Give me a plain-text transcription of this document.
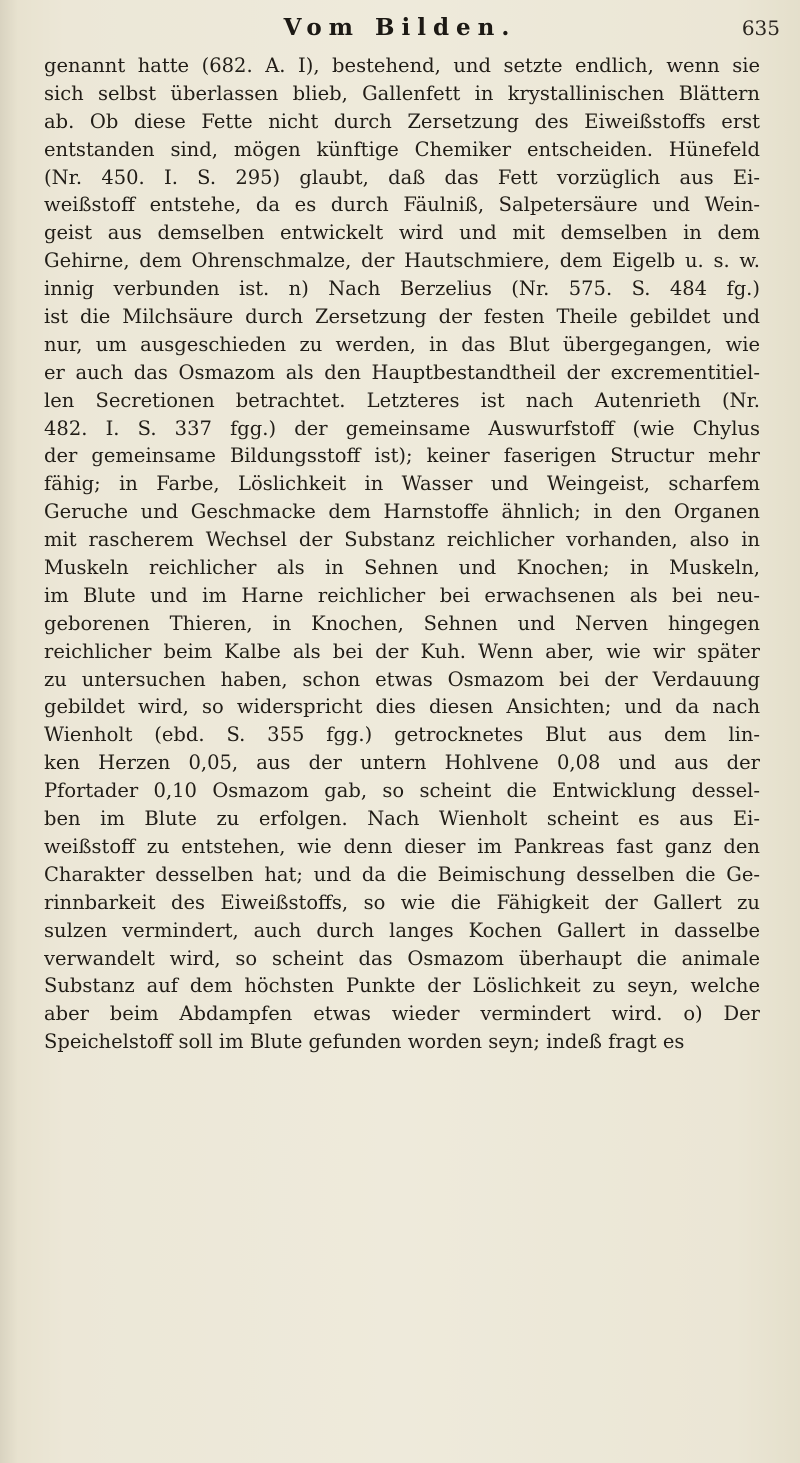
Vom Bilden.	635
genannt hatte (682. A. I), bestehend, und setzte endlich, wenn sie
sich selbst überlassen blieb, Gallenfett in krystallinischen Blättern
ab. Ob diese Fette nicht durch Zersetzung des Eiweißstoffs erst
entstanden sind, mögen künftige Chemiker entscheiden. Hünefeld
(Nr. 450. I. S. 295) glaubt, daß das Fett vorzüglich aus Ei-
weißstoff entstehe, da es durch Fäulniß, Salpetersäure und Wein-
geist aus demselben entwickelt wird und mit demselben in dem
Gehirne, dem Ohrenschmalze, der Hautschmiere, dem Eigelb u. s. w.
innig verbunden ist. n) Nach Berzelius (Nr. 575. S. 484 fg.)
ist die Milchsäure durch Zersetzung der festen Theile gebildet und
nur, um ausgeschieden zu werden, in das Blut übergegangen, wie
er auch das Osmazom als den Hauptbestandtheil der excrementitiel-
len Secretionen betrachtet. Letzteres ist nach Autenrieth (Nr.
482. I. S. 337 fgg.) der gemeinsame Auswurfstoff (wie Chylus
der gemeinsame Bildungsstoff ist); keiner faserigen Structur mehr
fähig; in Farbe, Löslichkeit in Wasser und Weingeist, scharfem
Geruche und Geschmacke dem Harnstoffe ähnlich; in den Organen
mit rascherem Wechsel der Substanz reichlicher vorhanden, also in
Muskeln reichlicher als in Sehnen und Knochen; in Muskeln,
im Blute und im Harne reichlicher bei erwachsenen als bei neu-
geborenen Thieren, in Knochen, Sehnen und Nerven hingegen
reichlicher beim Kalbe als bei der Kuh. Wenn aber, wie wir später
zu untersuchen haben, schon etwas Osmazom bei der Verdauung
gebildet wird, so widerspricht dies diesen Ansichten; und da nach
Wienholt (ebd. S. 355 fgg.) getrocknetes Blut aus dem lin-
ken Herzen 0,05, aus der untern Hohlvene 0,08 und aus der
Pfortader 0,10 Osmazom gab, so scheint die Entwicklung dessel-
ben im Blute zu erfolgen. Nach Wienholt scheint es aus Ei-
weißstoff zu entstehen, wie denn dieser im Pankreas fast ganz den
Charakter desselben hat; und da die Beimischung desselben die Ge-
rinnbarkeit des Eiweißstoffs, so wie die Fähigkeit der Gallert zu
sulzen vermindert, auch durch langes Kochen Gallert in dasselbe
verwandelt wird, so scheint das Osmazom überhaupt die animale
Substanz auf dem höchsten Punkte der Löslichkeit zu seyn, welche
aber beim Abdampfen etwas wieder vermindert wird. o) Der
Speichelstoff soll im Blute gefunden worden seyn; indeß fragt es
